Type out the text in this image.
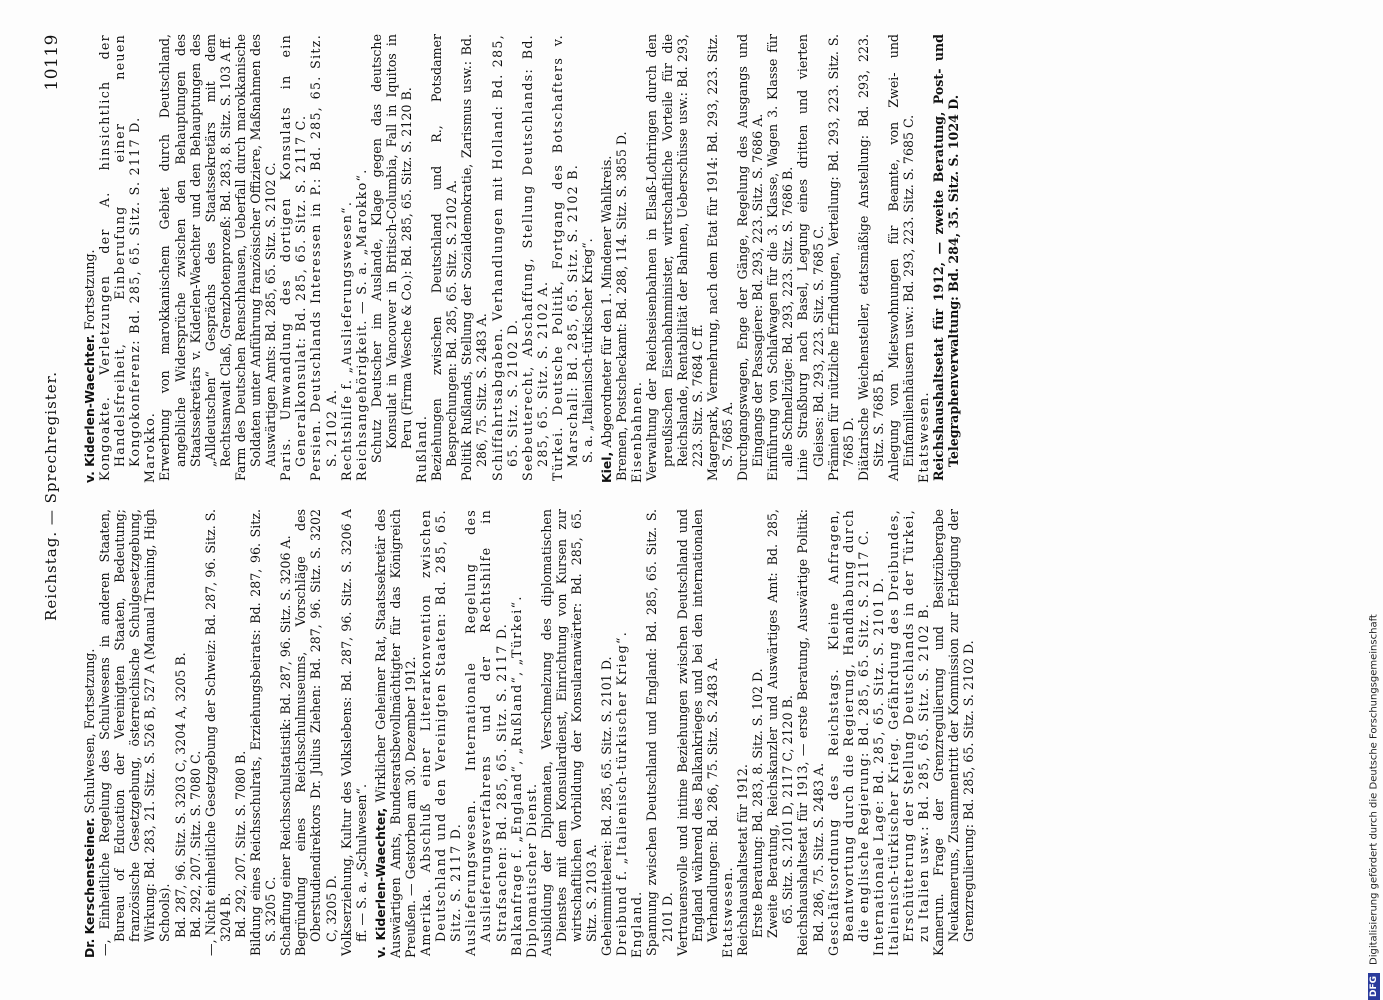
Reichstag. — Sprechregister.
10119

Dr. Kerschensteiner. Schulwesen, Fortsetzung. —, Einheitliche Regelung des Schulwesens in anderen Staaten, Bureau of Education der Vereinigten Staaten, Bedeutung; französische Gesetzgebung, österreichische Schulgesetzgebung, Wirkung: Bd. 283, 21. Sitz. S. 526 B, 527 A (Manual Training, High Schools). Bd. 287, 96. Sitz. S. 3203 C, 3204 A, 3205 B. Bd. 292, 207. Sitz. S. 7080 C. —, Nicht einheitliche Gesetzgebung der Schweiz: Bd. 287, 96. Sitz. S. 3204 B. Bd. 292, 207. Sitz. S. 7080 B. Bildung eines Reichsschulrats, Erziehungsbeirats: Bd. 287, 96. Sitz. S. 3205 C. Schaffung einer Reichsschulstatistik: Bd. 287, 96. Sitz. S. 3206 A. Begründung eines Reichsschulmuseums, Vorschläge des Oberstudiendirektors Dr. Julius Ziehen: Bd. 287, 96. Sitz. S. 3202 C, 3205 D. Volkserziehung, Kultur des Volkslebens: Bd. 287, 96. Sitz. S. 3206 A ff. — S. a. „Schulwesen“. v. Kiderlen-Waechter, Wirklicher Geheimer Rat, Staatssekretär des Auswärtigen Amts, Bundesratsbevollmächtigter für das Königreich Preußen. — Gestorben am 30. Dezember 1912. Amerika. Abschluß einer Literarkonvention zwischen Deutschland und den Vereinigten Staaten: Bd. 285, 65. Sitz. S. 2117 D. Auslieferungswesen. Internationale Regelung des Auslieferungsverfahrens und der Rechtshilfe in Strafsachen: Bd. 285, 65. Sitz. S. 2117 D. Balkanfrage f. „England“, „Rußland“, „Türkei“. Diplomatischer Dienst. Ausbildung der Diplomaten, Verschmelzung des diplomatischen Dienstes mit dem Konsulardienst, Einrichtung von Kursen zur wirtschaftlichen Vorbildung der Konsularanwärter: Bd. 285, 65. Sitz. S. 2103 A. Geheimmittelerei: Bd. 285, 65. Sitz. S. 2101 D. Dreibund f. „Italienisch-türkischer Krieg“. England. Spannung zwischen Deutschland und England: Bd. 285, 65. Sitz. S. 2101 D. Vertrauensvolle und intime Beziehungen zwischen Deutschland und England während des Balkankrieges und bei den internationalen Verhandlungen: Bd. 286, 75. Sitz. S. 2483 A. Etatswesen. Reichshaushaltsetat für 1912. Erste Beratung: Bd. 283, 8. Sitz. S. 102 D. Zweite Beratung, Reichskanzler und Auswärtiges Amt: Bd. 285, 65. Sitz. S. 2101 D, 2117 C, 2120 B. Reichshaushaltsetat für 1913, — erste Beratung, Auswärtige Politik: Bd. 286, 75. Sitz. S. 2483 A. Geschäftsordnung des Reichstags. Kleine Anfragen, Beantwortung durch die Regierung, Handhabung durch die englische Regierung: Bd. 285, 65. Sitz. S. 2117 C. Internationale Lage: Bd. 285, 65. Sitz. S. 2101 D. Italienisch-türkischer Krieg. Gefährdung des Dreibundes, Erschütterung der Stellung Deutschlands in der Türkei, zu Italien usw.: Bd. 285, 65. Sitz. S. 2102 B. Kamerun. Frage der Grenzregulierung und Besitzübergabe Neukameruns, Zusammentritt der Kommission zur Erledigung der Grenzregulierung: Bd. 285, 65. Sitz. S. 2102 D.

v. Kiderlen-Waechter. Fortsetzung. Kongoakte. Verletzungen der A. hinsichtlich der Handelsfreiheit, Einberufung einer neuen Kongokonferenz: Bd. 285, 65. Sitz. S. 2117 D. Marokko. Erwerbung von marokkanischem Gebiet durch Deutschland, angebliche Widersprüche zwischen den Behauptungen des Staatssekretärs v. Kiderlen-Waechter und den Behauptungen des „Alldeutschen“ Gesprächs des Staatssekretärs mit dem Rechtsanwalt Claß, Grenzbotenprozeß: Bd. 283, 8. Sitz. S. 103 A ff. Farm des Deutschen Renschhausen, Ueberfall durch marokkanische Soldaten unter Anführung französischer Offiziere, Maßnahmen des Auswärtigen Amts: Bd. 285, 65. Sitz. S. 2102 C. Paris. Umwandlung des dortigen Konsulats in ein Generalkonsulat: Bd. 285, 65. Sitz. S. 2117 C. Persien. Deutschlands Interessen in P.: Bd. 285, 65. Sitz. S. 2102 A. Rechtshilfe f. „Auslieferungswesen“. Reichsangehörigkeit. — S. a. „Marokko“. Schutz Deutscher im Auslande, Klage gegen das deutsche Konsulat in Vancouver in Britisch-Columbia, Fall in Iquitos in Peru (Firma Wesche & Co.): Bd. 285, 65. Sitz. S. 2120 B. Rußland. Beziehungen zwischen Deutschland und R., Potsdamer Besprechungen: Bd. 285, 65. Sitz. S. 2102 A. Politik Rußlands, Stellung der Sozialdemokratie, Zarismus usw.: Bd. 286, 75. Sitz. S. 2483 A. Schiffahrtsabgaben. Verhandlungen mit Holland: Bd. 285, 65. Sitz. S. 2102 D. Seebeuterecht, Abschaffung, Stellung Deutschlands: Bd. 285, 65. Sitz. S. 2102 A. Türkei. Deutsche Politik, Fortgang des Botschafters v. Marschall: Bd. 285, 65. Sitz. S. 2102 B. S. a. „Italienisch-türkischer Krieg“.

Kiel, Abgeordneter für den 1. Mindener Wahlkreis. Bremen, Postscheckamt: Bd. 288, 114. Sitz. S. 3855 D. Eisenbahnen. Verwaltung der Reichseisenbahnen in Elsaß-Lothringen durch den preußischen Eisenbahnminister, wirtschaftliche Vorteile für die Reichslande, Rentabilität der Bahnen, Ueberschüsse usw.: Bd. 293, 223. Sitz. S. 7684 C ff. Magerpark, Vermehrung, nach dem Etat für 1914: Bd. 293, 223. Sitz. S. 7685 A. Durchgangswagen, Enge der Gänge, Regelung des Ausgangs und Eingangs der Passagiere: Bd. 293, 223. Sitz. S. 7686 A. Einführung von Schlafwagen für die 3. Klasse, Wagen 3. Klasse für alle Schnellzüge: Bd. 293, 223. Sitz. S. 7686 B. Linie Straßburg nach Basel, Legung eines dritten und vierten Gleises: Bd. 293, 223. Sitz. S. 7685 C. Prämien für nützliche Erfindungen, Verteilung: Bd. 293, 223. Sitz. S. 7685 D. Diätarische Weichensteller, etatsmäßige Anstellung: Bd. 293, 223. Sitz. S. 7685 B. Anlegung von Mietswohnungen für Beamte, von Zwei- und Einfamilienhäusern usw.: Bd. 293, 223. Sitz. S. 7685 C. Etatswesen. Reichshaushaltsetat für 1912, — zweite Beratung, Post- und Telegraphenverwaltung: Bd. 284, 35. Sitz. S. 1024 D.

DFG
Digitalisierung gefördert durch die Deutsche Forschungsgemeinschaft
